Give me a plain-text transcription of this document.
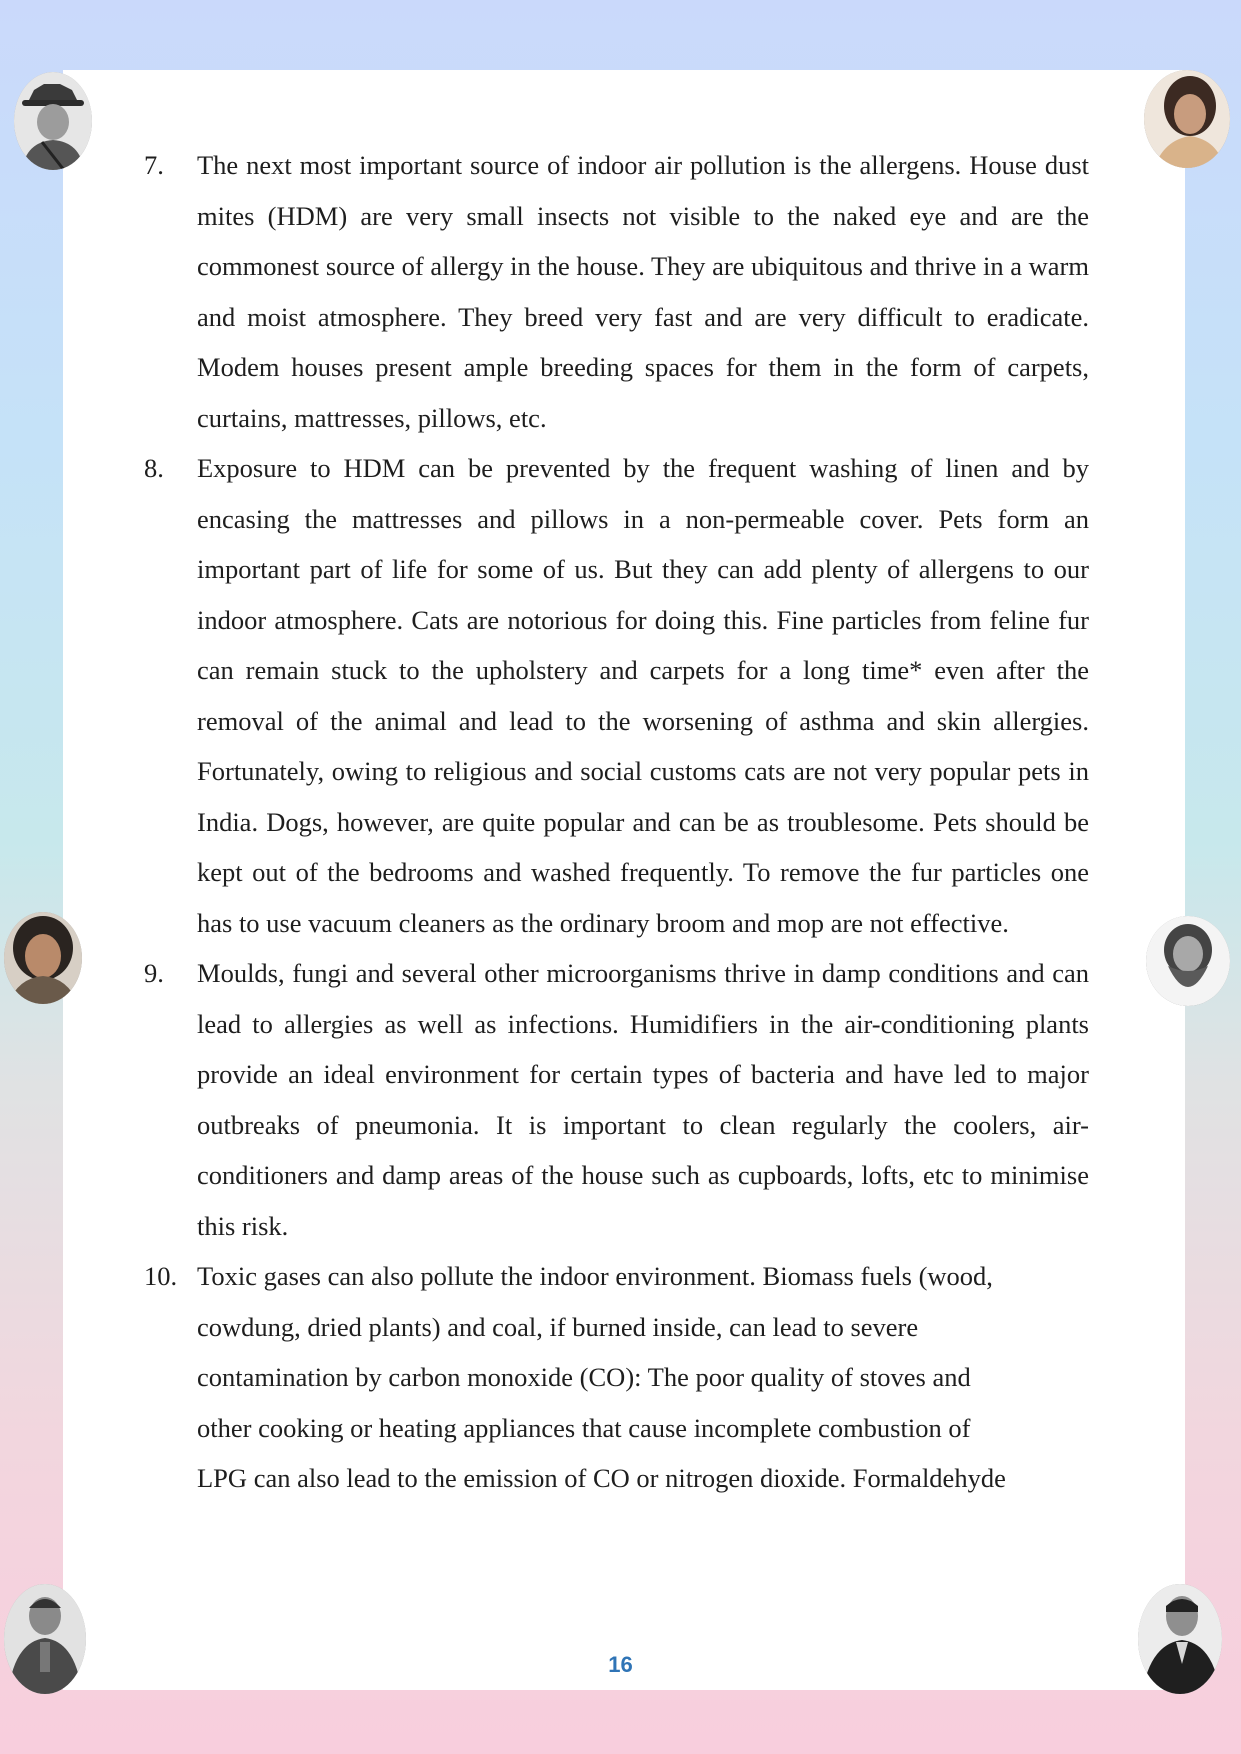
7. The next most important source of indoor air pollution is the allergens. House dust mites (HDM) are very small insects not visible to the naked eye and are the commonest source of allergy in the house. They are ubiquitous and thrive in a warm and moist atmosphere. They breed very fast and are very difficult to eradicate. Modem houses present ample breeding spaces for them in the form of carpets, curtains, mattresses, pillows, etc.
8. Exposure to HDM can be prevented by the frequent washing of linen and by encasing the mattresses and pillows in a non-permeable cover. Pets form an important part of life for some of us. But they can add plenty of allergens to our indoor atmosphere. Cats are notorious for doing this. Fine particles from feline fur can remain stuck to the upholstery and carpets for a long time* even after the removal of the animal and lead to the worsening of asthma and skin allergies. Fortunately, owing to religious and social customs cats are not very popular pets in India. Dogs, however, are quite popular and can be as troublesome. Pets should be kept out of the bedrooms and washed frequently. To remove the fur particles one has to use vacuum cleaners as the ordinary broom and mop are not effective.
9. Moulds, fungi and several other microorganisms thrive in damp conditions and can lead to allergies as well as infections. Humidifiers in the air-conditioning plants provide an ideal environment for certain types of bacteria and have led to major outbreaks of pneumonia. It is important to clean regularly the coolers, air-conditioners and damp areas of the house such as cupboards, lofts, etc to minimise this risk.
10. Toxic gases can also pollute the indoor environment. Biomass fuels (wood,
cowdung, dried plants) and coal, if burned inside, can lead to severe
contamination by carbon monoxide (CO): The poor quality of stoves and
other cooking or heating appliances that cause incomplete combustion of
LPG can also lead to the emission of CO or nitrogen dioxide. Formaldehyde
16
